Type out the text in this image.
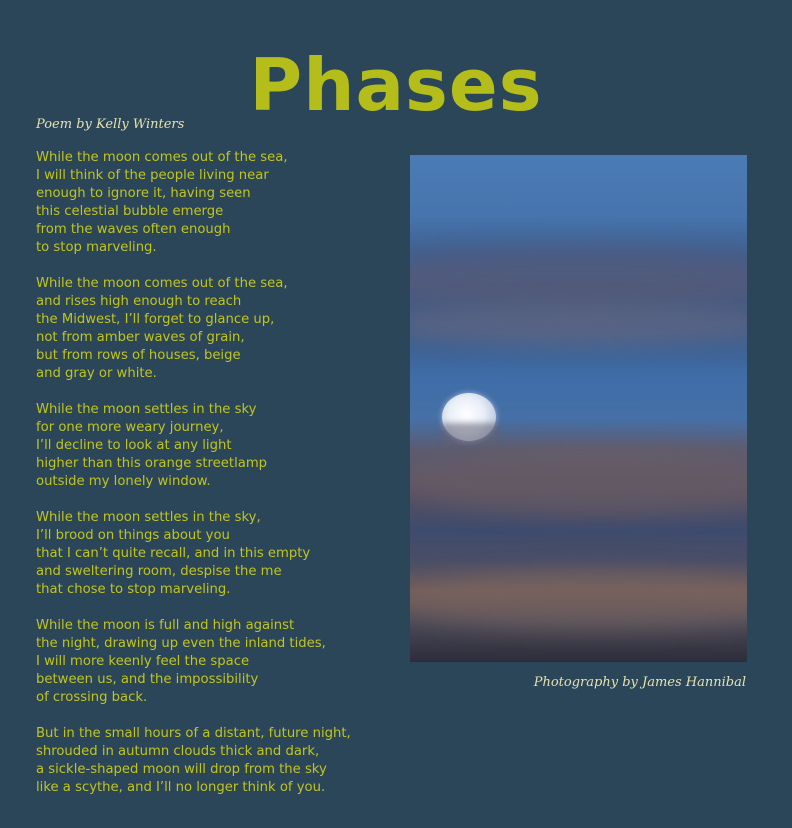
Phases
Poem by Kelly Winters
While the moon comes out of the sea,
I will think of the people living near
enough to ignore it, having seen
this celestial bubble emerge
from the waves often enough
to stop marveling.
While the moon comes out of the sea,
and rises high enough to reach
the Midwest, I’ll forget to glance up,
not from amber waves of grain,
but from rows of houses, beige
and gray or white.
While the moon settles in the sky
for one more weary journey,
I’ll decline to look at any light
higher than this orange streetlamp
outside my lonely window.
While the moon settles in the sky,
I’ll brood on things about you
that I can’t quite recall, and in this empty
and sweltering room, despise the me
that chose to stop marveling.
While the moon is full and high against
the night, drawing up even the inland tides,
I will more keenly feel the space
between us, and the impossibility
of crossing back.
But in the small hours of a distant, future night,
shrouded in autumn clouds thick and dark,
a sickle-shaped moon will drop from the sky
like a scythe, and I’ll no longer think of you.
Photography by James Hannibal
